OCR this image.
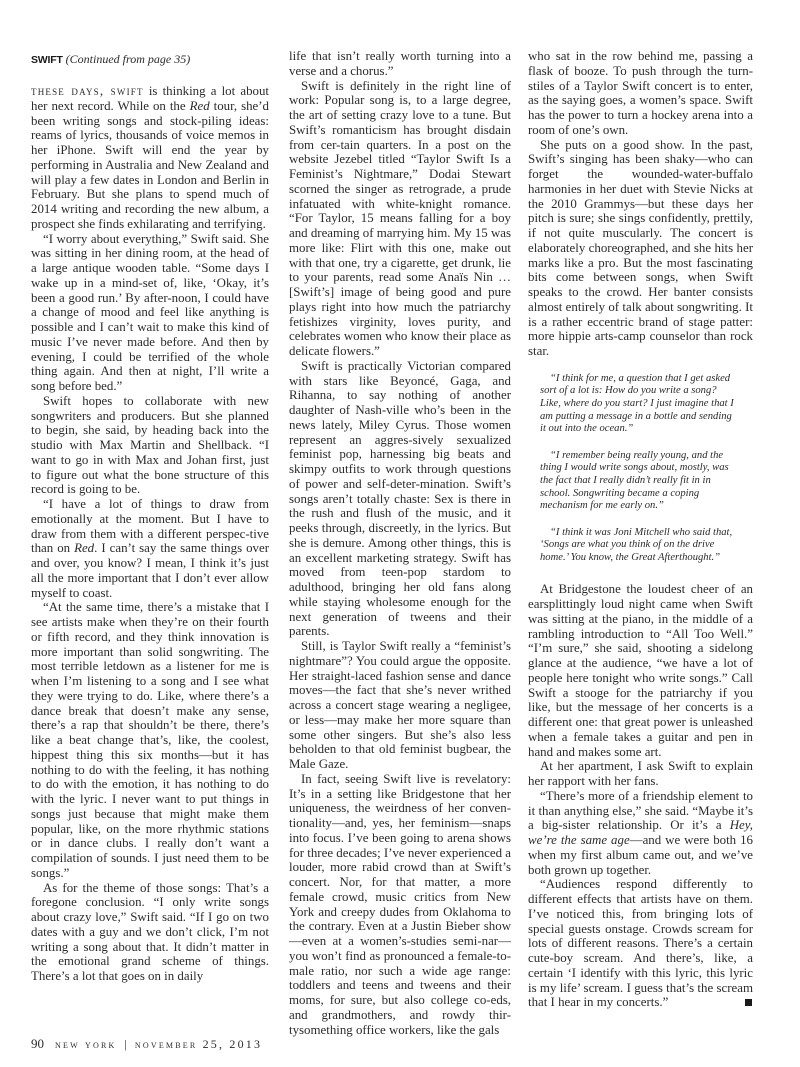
SWIFT (Continued from page 35)

these days, swift is thinking a lot about her next record. While on the Red tour, she’d been writing songs and stock-piling ideas: reams of lyrics, thousands of voice memos in her iPhone. Swift will end the year by performing in Australia and New Zealand and will play a few dates in London and Berlin in February. But she plans to spend much of 2014 writing and recording the new album, a prospect she finds exhilarating and terrifying.

“I worry about everything,” Swift said. She was sitting in her dining room, at the head of a large antique wooden table. “Some days I wake up in a mind-set of, like, ‘Okay, it’s been a good run.’ By after-noon, I could have a change of mood and feel like anything is possible and I can’t wait to make this kind of music I’ve never made before. And then by evening, I could be terrified of the whole thing again. And then at night, I’ll write a song before bed.”

Swift hopes to collaborate with new songwriters and producers. But she planned to begin, she said, by heading back into the studio with Max Martin and Shellback. “I want to go in with Max and Johan first, just to figure out what the bone structure of this record is going to be.

“I have a lot of things to draw from emotionally at the moment. But I have to draw from them with a different perspec-tive than on Red. I can’t say the same things over and over, you know? I mean, I think it’s just all the more important that I don’t ever allow myself to coast.

“At the same time, there’s a mistake that I see artists make when they’re on their fourth or fifth record, and they think innovation is more important than solid songwriting. The most terrible letdown as a listener for me is when I’m listening to a song and I see what they were trying to do. Like, where there’s a dance break that doesn’t make any sense, there’s a rap that shouldn’t be there, there’s like a beat change that’s, like, the coolest, hippest thing this six months—but it has nothing to do with the feeling, it has nothing to do with the emotion, it has nothing to do with the lyric. I never want to put things in songs just because that might make them popular, like, on the more rhythmic stations or in dance clubs. I really don’t want a compilation of sounds. I just need them to be songs.”

As for the theme of those songs: That’s a foregone conclusion. “I only write songs about crazy love,” Swift said. “If I go on two dates with a guy and we don’t click, I’m not writing a song about that. It didn’t matter in the emotional grand scheme of things. There’s a lot that goes on in daily

life that isn’t really worth turning into a verse and a chorus.”

Swift is definitely in the right line of work: Popular song is, to a large degree, the art of setting crazy love to a tune. But Swift’s romanticism has brought disdain from cer-tain quarters. In a post on the website Jezebel titled “Taylor Swift Is a Feminist’s Nightmare,” Dodai Stewart scorned the singer as retrograde, a prude infatuated with white-knight romance. “For Taylor, 15 means falling for a boy and dreaming of marrying him. My 15 was more like: Flirt with this one, make out with that one, try a cigarette, get drunk, lie to your parents, read some Anaïs Nin … [Swift’s] image of being good and pure plays right into how much the patriarchy fetishizes virginity, loves purity, and celebrates women who know their place as delicate flowers.”

Swift is practically Victorian compared with stars like Beyoncé, Gaga, and Rihanna, to say nothing of another daughter of Nash-ville who’s been in the news lately, Miley Cyrus. Those women represent an aggres-sively sexualized feminist pop, harnessing big beats and skimpy outfits to work through questions of power and self-deter-mination. Swift’s songs aren’t totally chaste: Sex is there in the rush and flush of the music, and it peeks through, discreetly, in the lyrics. But she is demure. Among other things, this is an excellent marketing strategy. Swift has moved from teen-pop stardom to adulthood, bringing her old fans along while staying wholesome enough for the next generation of tweens and their parents.

Still, is Taylor Swift really a “feminist’s nightmare”? You could argue the opposite. Her straight-laced fashion sense and dance moves—the fact that she’s never writhed across a concert stage wearing a negligee, or less—may make her more square than some other singers. But she’s also less beholden to that old feminist bugbear, the Male Gaze.

In fact, seeing Swift live is revelatory: It’s in a setting like Bridgestone that her uniqueness, the weirdness of her conven-tionality—and, yes, her feminism—snaps into focus. I’ve been going to arena shows for three decades; I’ve never experienced a louder, more rabid crowd than at Swift’s concert. Nor, for that matter, a more female crowd, music critics from New York and creepy dudes from Oklahoma to the contrary. Even at a Justin Bieber show—even at a women’s-studies semi-nar—you won’t find as pronounced a female-to-male ratio, nor such a wide age range: toddlers and teens and tweens and their moms, for sure, but also college co-eds, and grandmothers, and rowdy thir-tysomething office workers, like the gals

who sat in the row behind me, passing a flask of booze. To push through the turn-stiles of a Taylor Swift concert is to enter, as the saying goes, a women’s space. Swift has the power to turn a hockey arena into a room of one’s own.

She puts on a good show. In the past, Swift’s singing has been shaky—who can forget the wounded-water-buffalo harmonies in her duet with Stevie Nicks at the 2010 Grammys—but these days her pitch is sure; she sings confidently, prettily, if not quite muscularly. The concert is elaborately choreographed, and she hits her marks like a pro. But the most fascinating bits come between songs, when Swift speaks to the crowd. Her banter consists almost entirely of talk about songwriting. It is a rather eccentric brand of stage patter: more hippie arts-camp counselor than rock star.

“I think for me, a question that I get asked sort of a lot is: How do you write a song? Like, where do you start? I just imagine that I am putting a message in a bottle and sending it out into the ocean.”

“I remember being really young, and the thing I would write songs about, mostly, was the fact that I really didn’t really fit in in school. Songwriting became a coping mechanism for me early on.”

“I think it was Joni Mitchell who said that, ‘Songs are what you think of on the drive home.’ You know, the Great Afterthought.”

At Bridgestone the loudest cheer of an earsplittingly loud night came when Swift was sitting at the piano, in the middle of a rambling introduction to “All Too Well.” “I’m sure,” she said, shooting a sidelong glance at the audience, “we have a lot of people here tonight who write songs.” Call Swift a stooge for the patriarchy if you like, but the message of her concerts is a different one: that great power is unleashed when a female takes a guitar and pen in hand and makes some art.

At her apartment, I ask Swift to explain her rapport with her fans.

“There’s more of a friendship element to it than anything else,” she said. “Maybe it’s a big-sister relationship. Or it’s a Hey, we’re the same age—and we were both 16 when my first album came out, and we’ve both grown up together.

“Audiences respond differently to different effects that artists have on them. I’ve noticed this, from bringing lots of special guests onstage. Crowds scream for lots of different reasons. There’s a certain cute-boy scream. And there’s, like, a certain ‘I identify with this lyric, this lyric is my life’ scream. I guess that’s the scream that I hear in my concerts.”

90 new york | november 25, 2013
